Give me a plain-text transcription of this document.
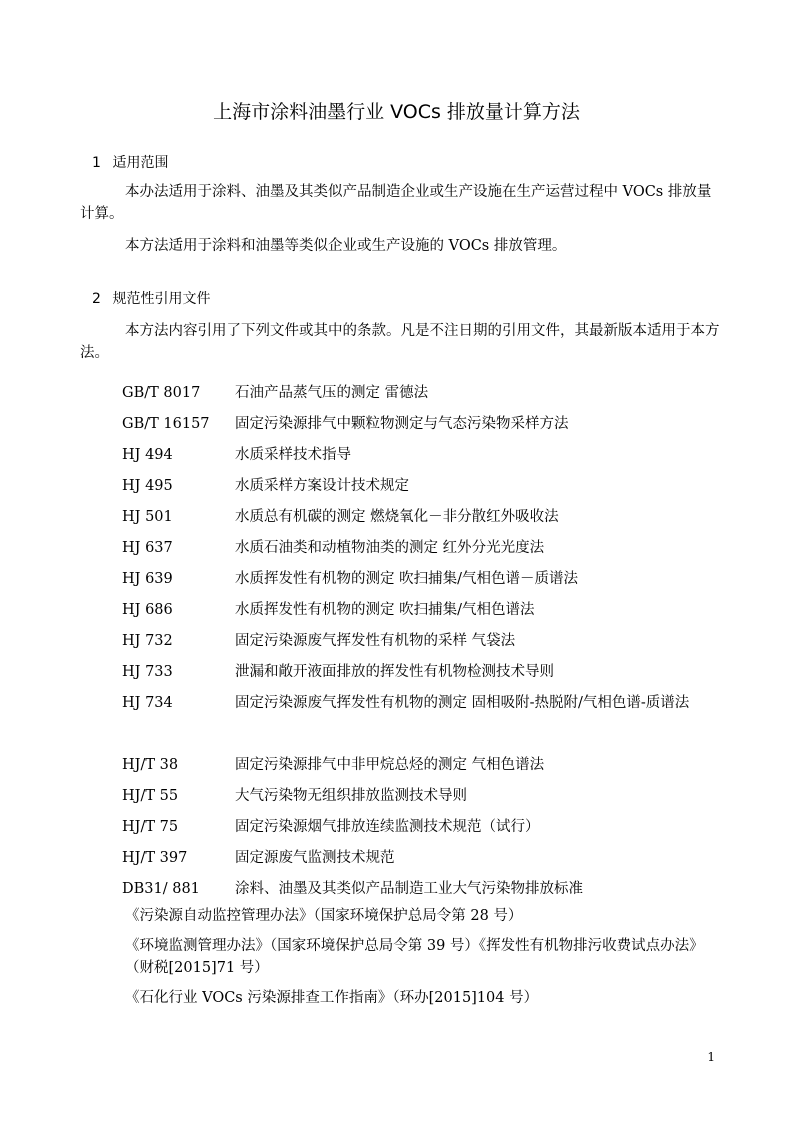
上海市涂料油墨行业 VOCs 排放量计算方法
1 适用范围

本办法适用于涂料、油墨及其类似产品制造企业或生产设施在生产运营过程中 VOCs 排放量计算。

本方法适用于涂料和油墨等类似企业或生产设施的 VOCs 排放管理。

2 规范性引用文件

本方法内容引用了下列文件或其中的条款。凡是不注日期的引用文件，其最新版本适用于本方法。

GB/T 8017 石油产品蒸气压的测定 雷德法
GB/T 16157 固定污染源排气中颗粒物测定与气态污染物采样方法
HJ 494	水质采样技术指导
HJ 495	水质采样方案设计技术规定
HJ 501	水质总有机碳的测定 燃烧氧化－非分散红外吸收法
HJ 637	水质石油类和动植物油类的测定 红外分光光度法
HJ 639	水质挥发性有机物的测定 吹扫捕集/气相色谱－质谱法
HJ 686	水质挥发性有机物的测定 吹扫捕集/气相色谱法
HJ 732	固定污染源废气挥发性有机物的采样 气袋法
HJ 733	泄漏和敞开液面排放的挥发性有机物检测技术导则
HJ 734	固定污染源废气挥发性有机物的测定 固相吸附-热脱附/气相色谱-质谱法
HJ/T 38	固定污染源排气中非甲烷总烃的测定 气相色谱法
HJ/T 55	大气污染物无组织排放监测技术导则
HJ/T 75	固定污染源烟气排放连续监测技术规范（试行）
HJ/T 397	固定源废气监测技术规范
DB31/ 881 涂料、油墨及其类似产品制造工业大气污染物排放标准
《污染源自动监控管理办法》（国家环境保护总局令第 28 号）
《环境监测管理办法》（国家环境保护总局令第 39 号）《挥发性有机物排污收费试点办法》（财税[2015]71 号）
《石化行业 VOCs 污染源排查工作指南》（环办[2015]104 号）
1
